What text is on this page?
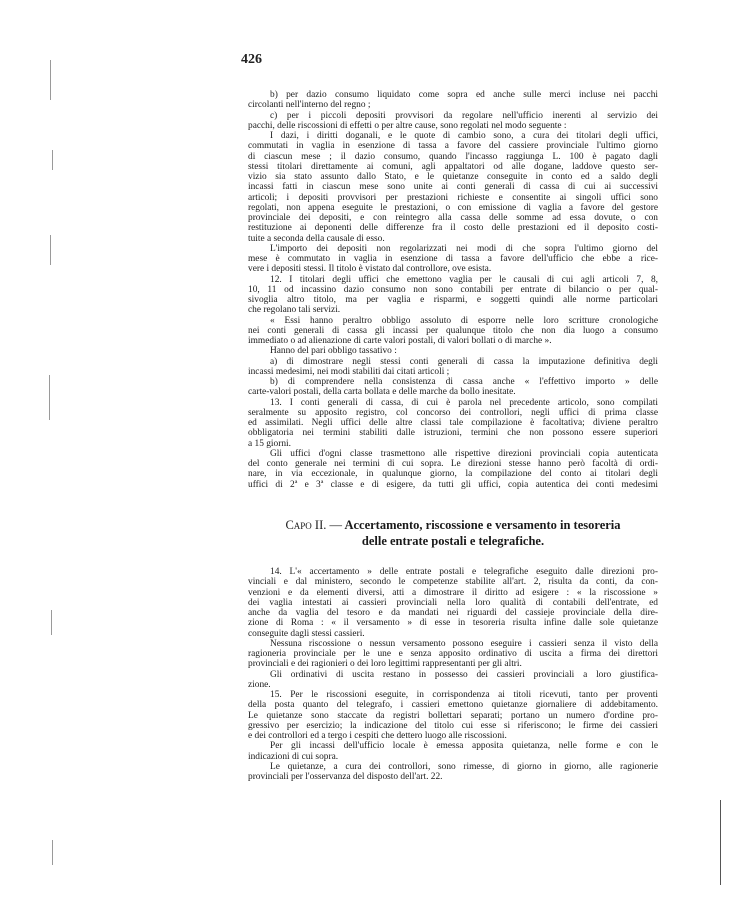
426
b) per dazio consumo liquidato come sopra ed anche sulle merci incluse nei pacchi
circolanti nell'interno del regno ;
c) per i piccoli depositi provvisori da regolare nell'ufficio inerenti al servizio dei
pacchi, delle riscossioni di effetti o per altre cause, sono regolati nel modo seguente :
I dazi, i diritti doganali, e le quote di cambio sono, a cura dei titolari degli uffici,
commutati in vaglia in esenzione di tassa a favore del cassiere provinciale l'ultimo giorno
di ciascun mese ; il dazio consumo, quando l'incasso raggiunga L. 100 è pagato dagli
stessi titolari direttamente ai comuni, agli appaltatori od alle dogane, laddove questo ser-
vizio sia stato assunto dallo Stato, e le quietanze conseguite in conto ed a saldo degli
incassi fatti in ciascun mese sono unite ai conti generali di cassa di cui ai successivi
articoli; i depositi provvisori per prestazioni richieste e consentite ai singoli uffici sono
regolati, non appena eseguite le prestazioni, o con emissione di vaglia a favore del gestore
provinciale dei depositi, e con reintegro alla cassa delle somme ad essa dovute, o con
restituzione ai deponenti delle differenze fra il costo delle prestazioni ed il deposito costi-
tuite a seconda della causale di esso.
L'importo dei depositi non regolarizzati nei modi di che sopra l'ultimo giorno del
mese è commutato in vaglia in esenzione di tassa a favore dell'ufficio che ebbe a rice-
vere i depositi stessi. Il titolo è vistato dal controllore, ove esista.
12. I titolari degli uffici che emettono vaglia per le causali di cui agli articoli 7, 8,
10, 11 od incassino dazio consumo non sono contabili per entrate di bilancio o per qual-
sivoglia altro titolo, ma per vaglia e risparmi, e soggetti quindi alle norme particolari
che regolano tali servizi.
« Essi hanno peraltro obbligo assoluto di esporre nelle loro scritture cronologiche
nei conti generali di cassa gli incassi per qualunque titolo che non dia luogo a consumo
immediato o ad alienazione di carte valori postali, di valori bollati o di marche ».
Hanno del pari obbligo tassativo :
a) di dimostrare negli stessi conti generali di cassa la imputazione definitiva degli
incassi medesimi, nei modi stabiliti dai citati articoli ;
b) di comprendere nella consistenza di cassa anche « l'effettivo importo » delle
carte-valori postali, della carta bollata e delle marche da bollo inesitate.
13. I conti generali di cassa, di cui è parola nel precedente articolo, sono compilati
seralmente su apposito registro, col concorso dei controllori, negli uffici di prima classe
ed assimilati. Negli uffici delle altre classi tale compilazione è facoltativa; diviene peraltro
obbligatoria nei termini stabiliti dalle istruzioni, termini che non possono essere superiori
a 15 giorni.
Gli uffici d'ogni classe trasmettono alle rispettive direzioni provinciali copia autenticata
del conto generale nei termini di cui sopra. Le direzioni stesse hanno però facoltà di ordi-
nare, in via eccezionale, in qualunque giorno, la compilazione del conto ai titolari degli
uffici di 2ª e 3ª classe e di esigere, da tutti gli uffici, copia autentica dei conti medesimi
Capo II. — Accertamento, riscossione e versamento in tesoreria
delle entrate postali e telegrafiche.
14. L'« accertamento » delle entrate postali e telegrafiche eseguito dalle direzioni pro-
vinciali e dal ministero, secondo le competenze stabilite all'art. 2, risulta da conti, da con-
venzioni e da elementi diversi, atti a dimostrare il diritto ad esigere : « la riscossione »
dei vaglia intestati ai cassieri provinciali nella loro qualità di contabili dell'entrate, ed
anche da vaglia del tesoro e da mandati nei riguardi del cassieje provinciale della dire-
zione di Roma : « il versamento » di esse in tesoreria risulta infine dalle sole quietanze
conseguite dagli stessi cassieri.
Nessuna riscossione o nessun versamento possono eseguire i cassieri senza il visto della
ragioneria provinciale per le une e senza apposito ordinativo di uscita a firma dei direttori
provinciali e dei ragionieri o dei loro legittimi rappresentanti per gli altri.
Gli ordinativi di uscita restano in possesso dei cassieri provinciali a loro giustifica-
zione.
15. Per le riscossioni eseguite, in corrispondenza ai titoli ricevuti, tanto per proventi
della posta quanto del telegrafo, i cassieri emettono quietanze giornaliere di addebitamento.
Le quietanze sono staccate da registri bollettari separati; portano un numero d'ordine pro-
gressivo per esercizio; la indicazione del titolo cui esse si riferiscono; le firme dei cassieri
e dei controllori ed a tergo i cespiti che dettero luogo alle riscossioni.
Per gli incassi dell'ufficio locale è emessa apposita quietanza, nelle forme e con le
indicazioni di cui sopra.
Le quietanze, a cura dei controllori, sono rimesse, di giorno in giorno, alle ragionerie
provinciali per l'osservanza del disposto dell'art. 22.
